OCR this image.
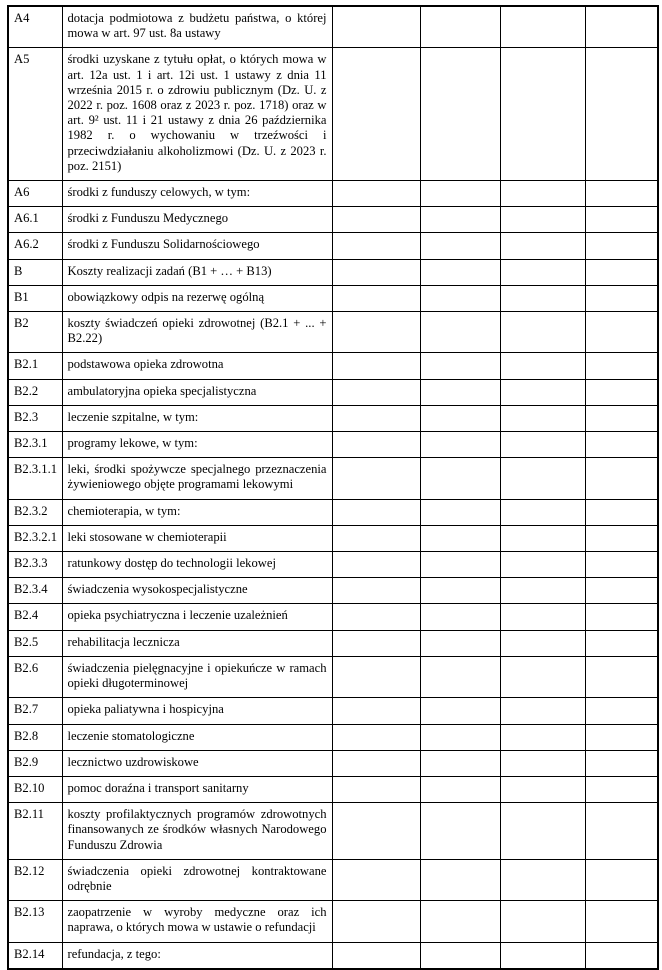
A4	dotacja podmiotowa z budżetu państwa, o której mowa w art. 97 ust. 8a ustawy				
A5	środki uzyskane z tytułu opłat, o których mowa w art. 12a ust. 1 i art. 12i ust. 1 ustawy z dnia 11 września 2015 r. o zdrowiu publicznym (Dz. U. z 2022 r. poz. 1608 oraz z 2023 r. poz. 1718) oraz w art. 9² ust. 11 i 21 ustawy z dnia 26 października 1982 r. o wychowaniu w trzeźwości i przeciwdziałaniu alkoholizmowi (Dz. U. z 2023 r. poz. 2151)				
A6	środki z funduszy celowych, w tym:				
A6.1	środki z Funduszu Medycznego				
A6.2	środki z Funduszu Solidarnościowego				
B	Koszty realizacji zadań (B1 + … + B13)				
B1	obowiązkowy odpis na rezerwę ogólną				
B2	koszty świadczeń opieki zdrowotnej (B2.1 + ... + B2.22)				
B2.1	podstawowa opieka zdrowotna				
B2.2	ambulatoryjna opieka specjalistyczna				
B2.3	leczenie szpitalne, w tym:				
B2.3.1	programy lekowe, w tym:				
B2.3.1.1	leki, środki spożywcze specjalnego przeznaczenia żywieniowego objęte programami lekowymi				
B2.3.2	chemioterapia, w tym:				
B2.3.2.1	leki stosowane w chemioterapii				
B2.3.3	ratunkowy dostęp do technologii lekowej				
B2.3.4	świadczenia wysokospecjalistyczne				
B2.4	opieka psychiatryczna i leczenie uzależnień				
B2.5	rehabilitacja lecznicza				
B2.6	świadczenia pielęgnacyjne i opiekuńcze w ramach opieki długoterminowej				
B2.7	opieka paliatywna i hospicyjna				
B2.8	leczenie stomatologiczne				
B2.9	lecznictwo uzdrowiskowe				
B2.10	pomoc doraźna i transport sanitarny				
B2.11	koszty profilaktycznych programów zdrowotnych finansowanych ze środków własnych Narodowego Funduszu Zdrowia				
B2.12	świadczenia opieki zdrowotnej kontraktowane odrębnie				
B2.13	zaopatrzenie w wyroby medyczne oraz ich naprawa, o których mowa w ustawie o refundacji				
B2.14	refundacja, z tego:				
